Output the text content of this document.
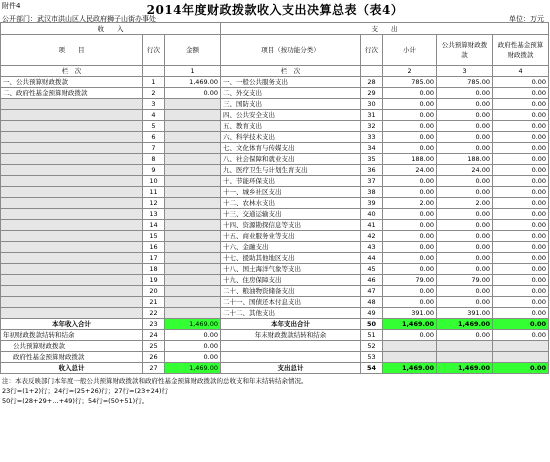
附件4	2014年度财政拨款收入支出决算总表（表4）
公开部门：武汉市洪山区人民政府狮子山街办事处	单位：万元
收　　入			支　　出				
项　　目	行次	金额	项目（按功能分类）	行次	小计	公共预算财政拨款	政府性基金预算财政拨款
栏　次		1	栏　次		2	3	4
一、公共预算财政拨款	1	1,469.00	一、一般公共服务支出	28	785.00	785.00	0.00
二、政府性基金预算财政拨款	2	0.00	二、外交支出	29	0.00	0.00	0.00
	3		三、国防支出	30	0.00	0.00	0.00
	4		四、公共安全支出	31	0.00	0.00	0.00
	5		五、教育支出	32	0.00	0.00	0.00
	6		六、科学技术支出	33	0.00	0.00	0.00
	7		七、文化体育与传媒支出	34	0.00	0.00	0.00
	8		八、社会保障和就业支出	35	188.00	188.00	0.00
	9		九、医疗卫生与计划生育支出	36	24.00	24.00	0.00
	10		十、节能环保支出	37	0.00	0.00	0.00
	11		十一、城乡社区支出	38	0.00	0.00	0.00
	12		十二、农林水支出	39	2.00	2.00	0.00
	13		十三、交通运输支出	40	0.00	0.00	0.00
	14		十四、资源勘探信息等支出	41	0.00	0.00	0.00
	15		十五、商业服务业等支出	42	0.00	0.00	0.00
	16		十六、金融支出	43	0.00	0.00	0.00
	17		十七、援助其他地区支出	44	0.00	0.00	0.00
	18		十八、国土海洋气象等支出	45	0.00	0.00	0.00
	19		十九、住房保障支出	46	79.00	79.00	0.00
	20		二十、粮油物资储备支出	47	0.00	0.00	0.00
	21		二十一、国债还本付息支出	48	0.00	0.00	0.00
	22		二十二、其他支出	49	391.00	391.00	0.00
本年收入合计	23	1,469.00	本年支出合计	50	1,469.00	1,469.00	0.00
年初财政拨款结转和结余	24	0.00	年末财政拨款结转和结余	51	0.00	0.00	0.00
公共预算财政拨款	25	0.00		52			
政府性基金预算财政拨款	26	0.00		53			
收入总计	27	1,469.00	支出总计	54	1,469.00	1,469.00	0.00
注：本表反映部门本年度一般公共预算财政拨款和政府性基金预算财政拨款的总收支和年末结转结余情况。
23行=(1+2)行；24行=(25+26)行；27行=(23+24)行
50行=(28+29+…+49)行；54行=(50+51)行。
